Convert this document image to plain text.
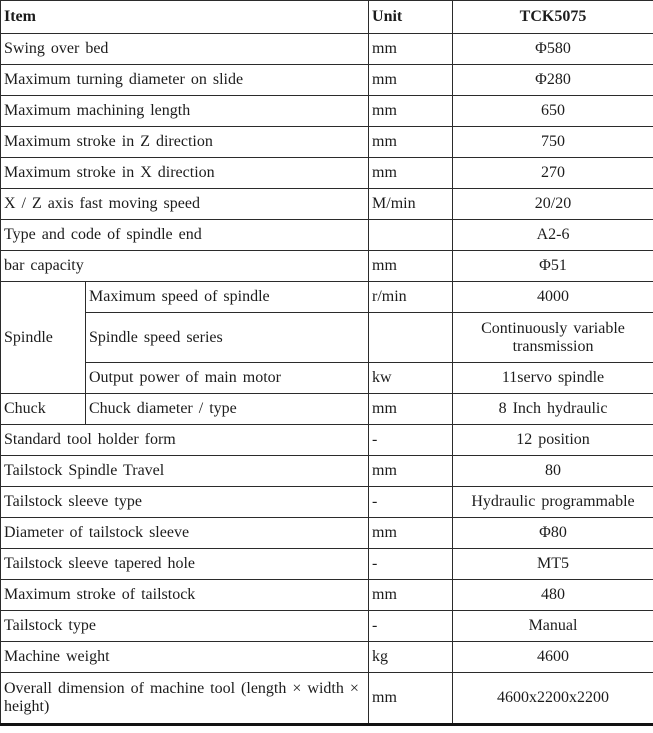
Item		Unit	TCK5075
Swing over bed		mm	Φ580
Maximum turning diameter on slide		mm	Φ280
Maximum machining length		mm	650
Maximum stroke in Z direction		mm	750
Maximum stroke in X direction		mm	270
X / Z axis fast moving speed		M/min	20/20
Type and code of spindle end			A2-6
bar capacity		mm	Φ51
Spindle	Maximum speed of spindle	r/min	4000
	Spindle speed series		Continuously variable transmission
	Output power of main motor	kw	11servo spindle
Chuck	Chuck diameter / type	mm	8 Inch hydraulic
Standard tool holder form		-	12 position
Tailstock Spindle Travel		mm	80
Tailstock sleeve type		-	Hydraulic programmable
Diameter of tailstock sleeve		mm	Φ80
Tailstock sleeve tapered hole		-	MT5
Maximum stroke of tailstock		mm	480
Tailstock type		-	Manual
Machine weight		kg	4600
Overall dimension of machine tool (length × width × height)		mm	4600x2200x2200
